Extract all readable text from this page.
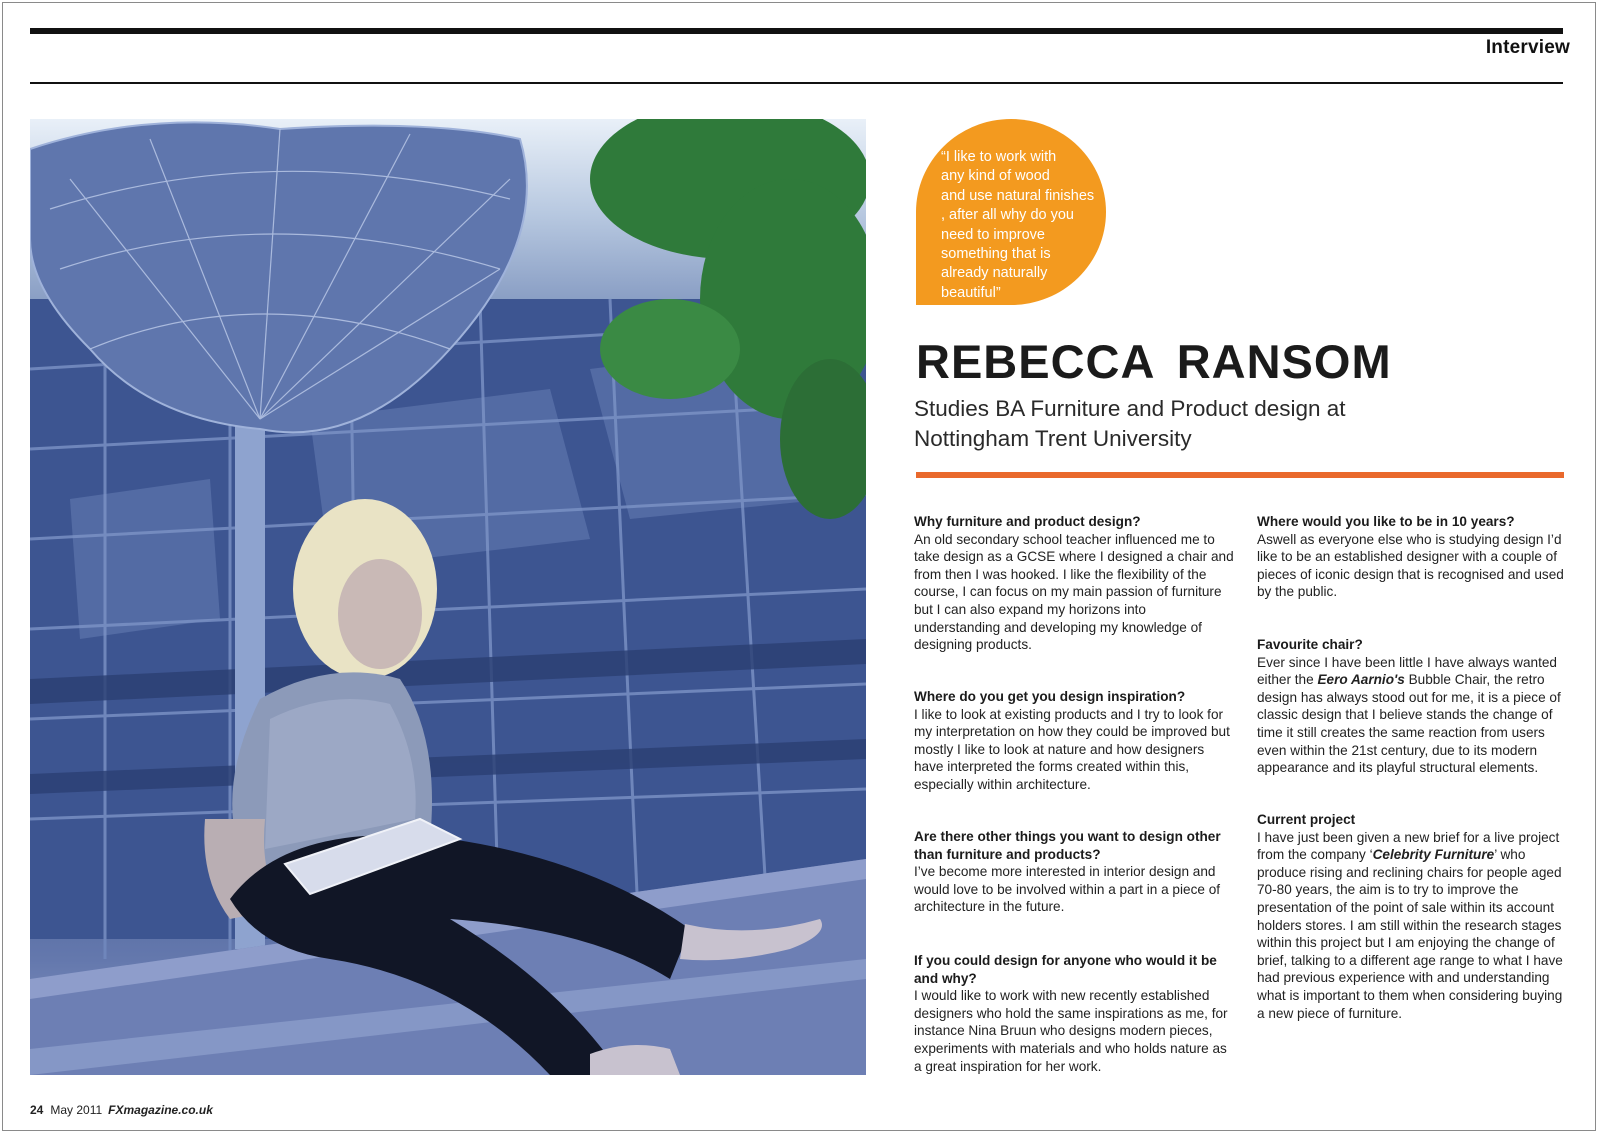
Interview
“I like to work with
any kind of wood
and use natural finishes
, after all why do you
need to improve
something that is
already naturally
beautiful”
REBECCA RANSOM
Studies BA Furniture and Product design at
Nottingham Trent University
Why furniture and product design?
An old secondary school teacher influenced me to take design as a GCSE where I designed a chair and from then I was hooked. I like the flexibility of the course, I can focus on my main passion of furniture but I can also expand my horizons into understanding and developing my knowledge of designing products.
Where do you get you design inspiration?
I like to look at existing products and I try to look for my interpretation on how they could be improved but mostly I like to look at nature and how designers have interpreted the forms created within this, especially within architecture.
Are there other things you want to design other than furniture and products?
I’ve become more interested in interior design and would love to be involved within a part in a piece of architecture in the future.
If you could design for anyone who would it be and why?
I would like to work with new recently established designers who hold the same inspirations as me, for instance Nina Bruun who designs modern pieces, experiments with materials and who holds nature as a great inspiration for her work.
Where would you like to be in 10 years?
Aswell as everyone else who is studying design I’d like to be an established designer with a couple of pieces of iconic design that is recognised and used by the public.
Favourite chair?
Ever since I have been little I have always wanted either the Eero Aarnio's Bubble Chair, the retro design has always stood out for me, it is a piece of classic design that I believe stands the change of time it still creates the same reaction from users even within the 21st century, due to its modern appearance and its playful structural elements.
Current project
I have just been given a new brief for a live project from the company ‘Celebrity Furniture’ who produce rising and reclining chairs for people aged 70-80 years, the aim is to try to improve the presentation of the point of sale within its account holders stores. I am still within the research stages within this project but I am enjoying the change of brief, talking to a different age range to what I have had previous experience with and understanding what is important to them when considering buying a new piece of furniture.
24 May 2011 FXmagazine.co.uk
